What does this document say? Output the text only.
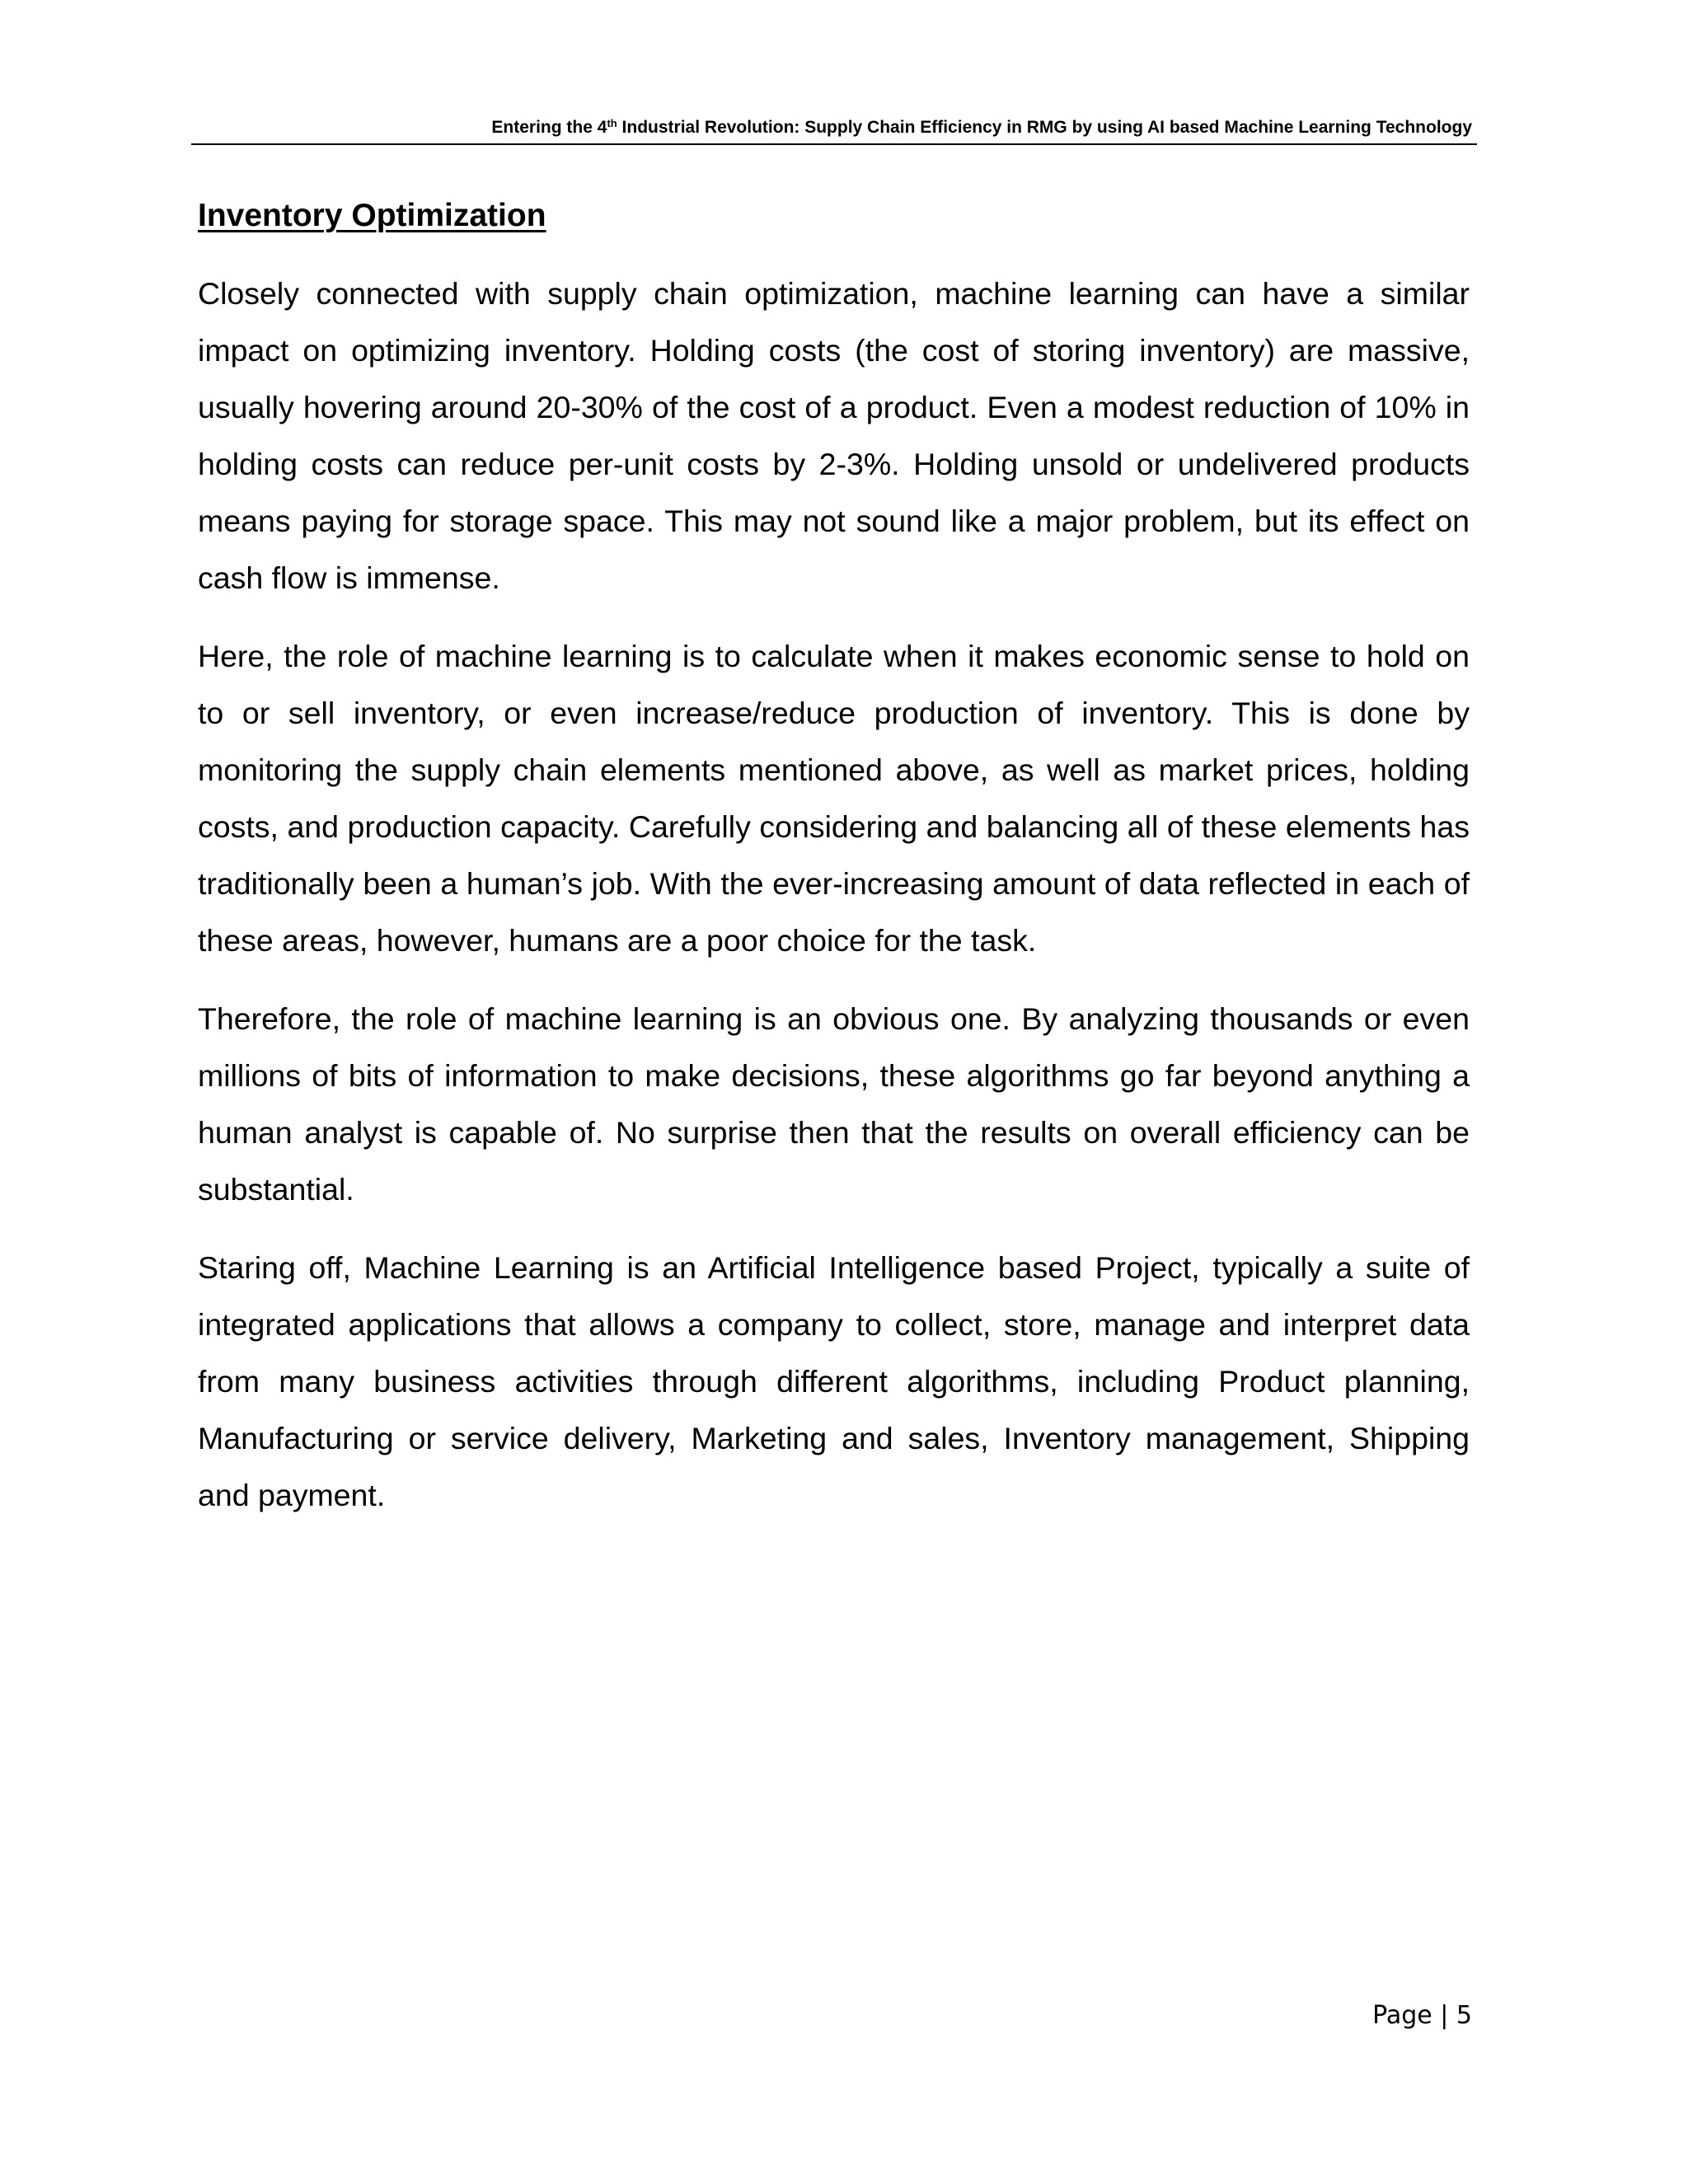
Entering the 4th Industrial Revolution: Supply Chain Efficiency in RMG by using AI based Machine Learning Technology
Inventory Optimization

Closely connected with supply chain optimization, machine learning can have a similar impact on optimizing inventory. Holding costs (the cost of storing inventory) are massive, usually hovering around 20-30% of the cost of a product. Even a modest reduction of 10% in holding costs can reduce per-unit costs by 2-3%. Holding unsold or undelivered products means paying for storage space. This may not sound like a major problem, but its effect on cash flow is immense.

Here, the role of machine learning is to calculate when it makes economic sense to hold on to or sell inventory, or even increase/reduce production of inventory. This is done by monitoring the supply chain elements mentioned above, as well as market prices, holding costs, and production capacity. Carefully considering and balancing all of these elements has traditionally been a human’s job. With the ever-increasing amount of data reflected in each of these areas, however, humans are a poor choice for the task.

Therefore, the role of machine learning is an obvious one. By analyzing thousands or even millions of bits of information to make decisions, these algorithms go far beyond anything a human analyst is capable of. No surprise then that the results on overall efficiency can be substantial.

Staring off, Machine Learning is an Artificial Intelligence based Project, typically a suite of integrated applications that allows a company to collect, store, manage and interpret data from many business activities through different algorithms, including Product planning, Manufacturing or service delivery, Marketing and sales, Inventory management, Shipping and payment.

Page | 5
